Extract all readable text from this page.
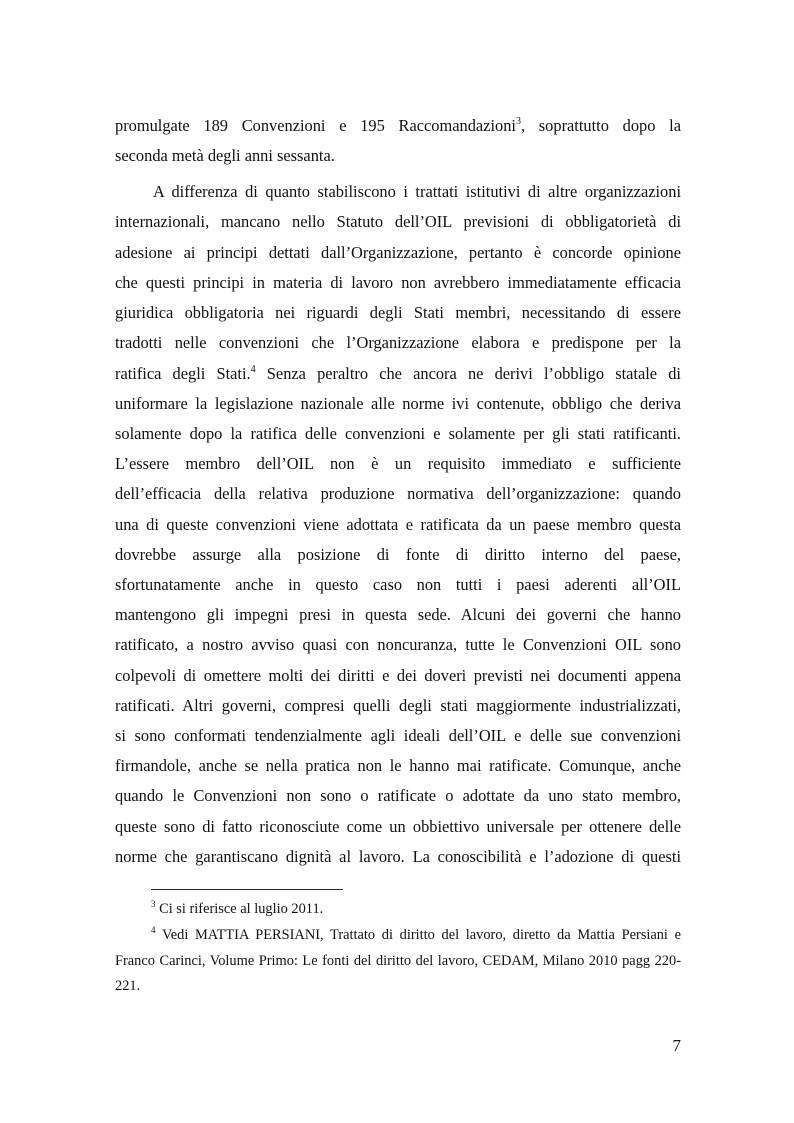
promulgate 189 Convenzioni e 195 Raccomandazioni$^3$, soprattutto dopo la
seconda metà degli anni sessanta.
A differenza di quanto stabiliscono i trattati istitutivi di altre organizzazioni
internazionali, mancano nello Statuto dell’OIL previsioni di obbligatorietà di
adesione ai principi dettati dall’Organizzazione, pertanto è concorde opinione
che questi principi in materia di lavoro non avrebbero immediatamente efficacia
giuridica obbligatoria nei riguardi degli Stati membri, necessitando di essere
tradotti nelle convenzioni che l’Organizzazione elabora e predispone per la
ratifica degli Stati.$^4$ Senza peraltro che ancora ne derivi l’obbligo statale di
uniformare la legislazione nazionale alle norme ivi contenute, obbligo che deriva
solamente dopo la ratifica delle convenzioni e solamente per gli stati ratificanti.
L’essere membro dell’OIL non è un requisito immediato e sufficiente
dell’efficacia della relativa produzione normativa dell’organizzazione: quando
una di queste convenzioni viene adottata e ratificata da un paese membro questa
dovrebbe assurge alla posizione di fonte di diritto interno del paese,
sfortunatamente anche in questo caso non tutti i paesi aderenti all’OIL
mantengono gli impegni presi in questa sede. Alcuni dei governi che hanno
ratificato, a nostro avviso quasi con noncuranza, tutte le Convenzioni OIL sono
colpevoli di omettere molti dei diritti e dei doveri previsti nei documenti appena
ratificati. Altri governi, compresi quelli degli stati maggiormente industrializzati,
si sono conformati tendenzialmente agli ideali dell’OIL e delle sue convenzioni
firmandole, anche se nella pratica non le hanno mai ratificate. Comunque, anche
quando le Convenzioni non sono o ratificate o adottate da uno stato membro,
queste sono di fatto riconosciute come un obbiettivo universale per ottenere delle
norme che garantiscano dignità al lavoro. La conoscibilità e l’adozione di questi
$^3$ Ci si riferisce al luglio 2011.
$^4$ Vedi MATTIA PERSIANI, Trattato di diritto del lavoro, diretto da Mattia Persiani e
Franco Carinci, Volume Primo: Le fonti del diritto del lavoro, CEDAM, Milano 2010 pagg 220-
221.
7
